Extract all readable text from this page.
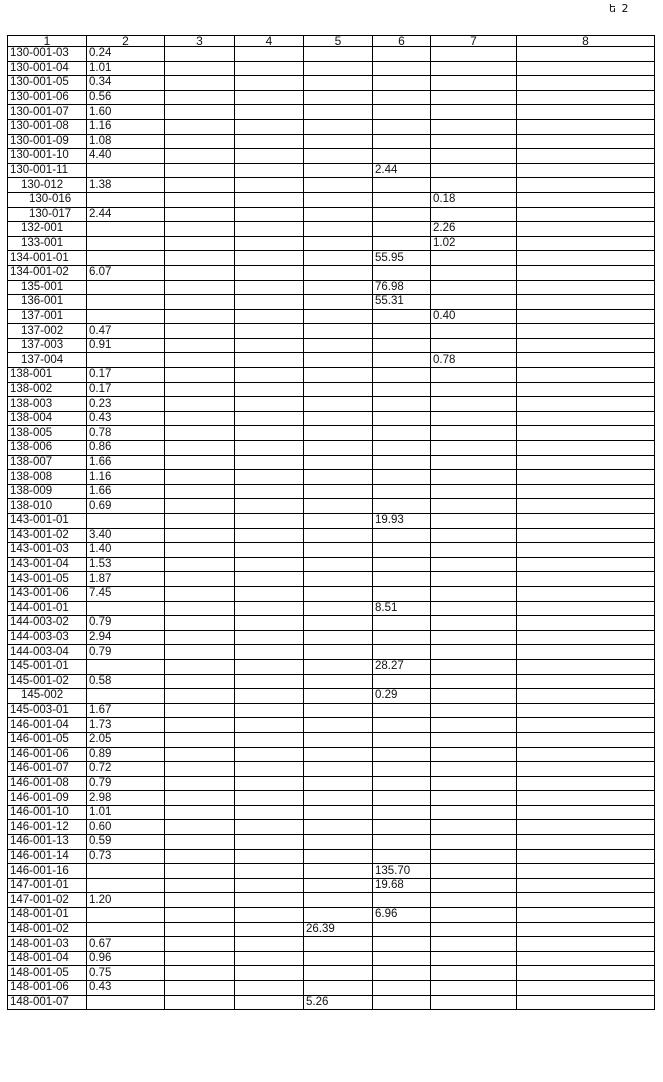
ե 2
1	2	3	4	5	6	7	8
130-001-03	0.24						
130-001-04	1.01						
130-001-05	0.34						
130-001-06	0.56						
130-001-07	1.60						
130-001-08	1.16						
130-001-09	1.08						
130-001-10	4.40						
130-001-11					2.44		
130-012	1.38						
130-016						0.18	
130-017	2.44						
132-001						2.26	
133-001						1.02	
134-001-01					55.95		
134-001-02	6.07						
135-001					76.98		
136-001					55.31		
137-001						0.40	
137-002	0.47						
137-003	0.91						
137-004						0.78	
138-001	0.17						
138-002	0.17						
138-003	0.23						
138-004	0.43						
138-005	0.78						
138-006	0.86						
138-007	1.66						
138-008	1.16						
138-009	1.66						
138-010	0.69						
143-001-01					19.93		
143-001-02	3.40						
143-001-03	1.40						
143-001-04	1.53						
143-001-05	1.87						
143-001-06	7.45						
144-001-01					8.51		
144-003-02	0.79						
144-003-03	2.94						
144-003-04	0.79						
145-001-01					28.27		
145-001-02	0.58						
145-002					0.29		
145-003-01	1.67						
146-001-04	1.73						
146-001-05	2.05						
146-001-06	0.89						
146-001-07	0.72						
146-001-08	0.79						
146-001-09	2.98						
146-001-10	1.01						
146-001-12	0.60						
146-001-13	0.59						
146-001-14	0.73						
146-001-16					135.70		
147-001-01					19.68		
147-001-02	1.20						
148-001-01					6.96		
148-001-02				26.39			
148-001-03	0.67						
148-001-04	0.96						
148-001-05	0.75						
148-001-06	0.43						
148-001-07				5.26			
